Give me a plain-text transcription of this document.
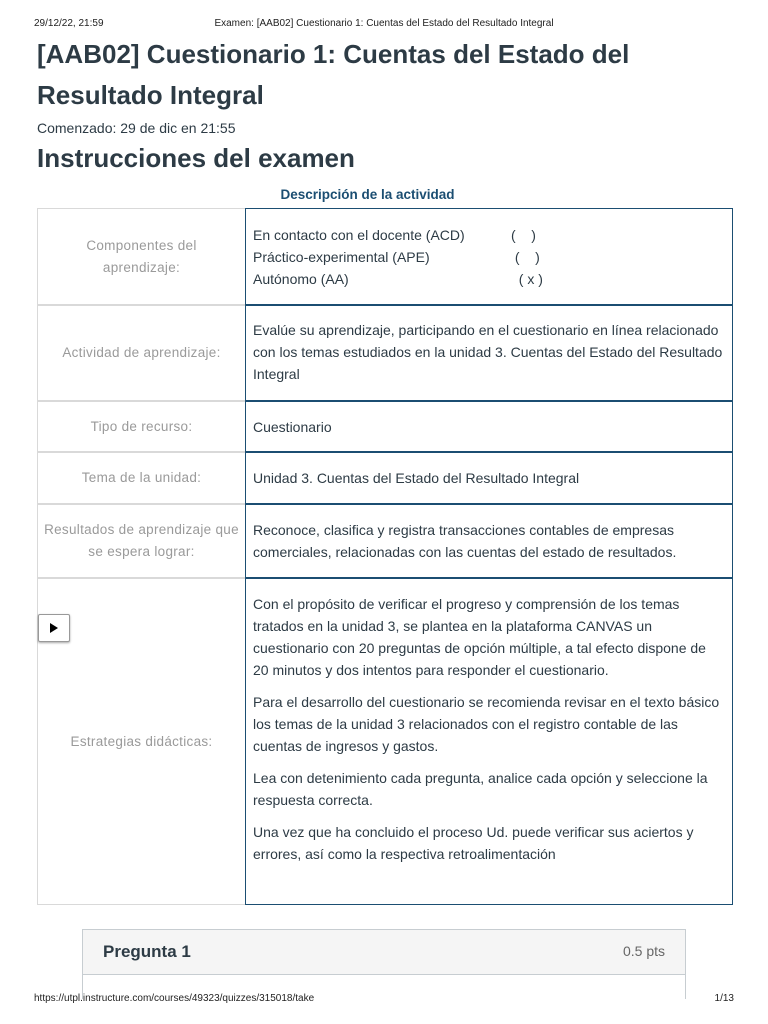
29/12/22, 21:59	Examen: [AAB02] Cuestionario 1: Cuentas del Estado del Resultado Integral
[AAB02] Cuestionario 1: Cuentas del Estado del Resultado Integral
Comenzado: 29 de dic en 21:55
Instrucciones del examen
Descripción de la actividad
Componentes del aprendizaje:
En contacto con el docente (ACD)	(    )
Práctico-experimental (APE)	(    )
Autónomo (AA)	( x )
Actividad de aprendizaje:

Evalúe su aprendizaje, participando en el cuestionario en línea relacionado con los temas estudiados en la unidad 3. Cuentas del Estado del Resultado Integral

Tipo de recurso:	Cuestionario

Tema de la unidad:	Unidad 3. Cuentas del Estado del Resultado Integral

Resultados de aprendizaje que se espera lograr:

Reconoce, clasifica y registra transacciones contables de empresas comerciales, relacionadas con las cuentas del estado de resultados.

Estrategias didácticas:

Con el propósito de verificar el progreso y comprensión de los temas tratados en la unidad 3, se plantea en la plataforma CANVAS un cuestionario con 20 preguntas de opción múltiple, a tal efecto dispone de 20 minutos y dos intentos para responder el cuestionario.

Para el desarrollo del cuestionario se recomienda revisar en el texto básico los temas de la unidad 3 relacionados con el registro contable de las cuentas de ingresos y gastos.

Lea con detenimiento cada pregunta, analice cada opción y seleccione la respuesta correcta.

Una vez que ha concluido el proceso Ud. puede verificar sus aciertos y errores, así como la respectiva retroalimentación

Pregunta 1	0.5 pts
https://utpl.instructure.com/courses/49323/quizzes/315018/take	1/13
